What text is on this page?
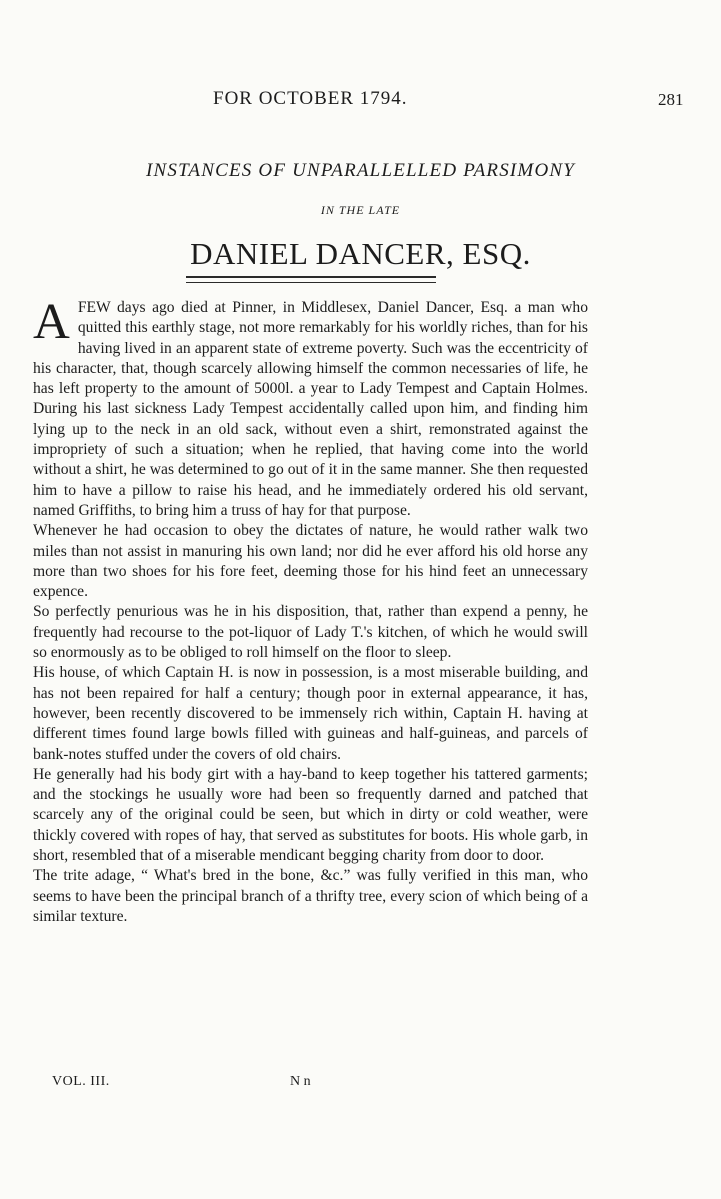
FOR OCTOBER 1794.	281
INSTANCES OF UNPARALLELLED PARSIMONY
IN THE LATE
DANIEL DANCER, ESQ.

AFEW days ago died at Pinner, in Middlesex, Daniel Dancer, Esq. a man who quitted this earthly stage, not more remarkably for his worldly riches, than for his having lived in an apparent state of extreme poverty. Such was the eccentricity of his character, that, though scarcely allowing himself the common necessaries of life, he has left property to the amount of 5000l. a year to Lady Tempest and Captain Holmes. During his last sickness Lady Tempest accidentally called upon him, and finding him lying up to the neck in an old sack, without even a shirt, remonstrated against the impropriety of such a situation; when he replied, that having come into the world without a shirt, he was determined to go out of it in the same manner. She then requested him to have a pillow to raise his head, and he immediately ordered his old servant, named Griffiths, to bring him a truss of hay for that purpose.

Whenever he had occasion to obey the dictates of nature, he would rather walk two miles than not assist in manuring his own land; nor did he ever afford his old horse any more than two shoes for his fore feet, deeming those for his hind feet an unnecessary expence.

So perfectly penurious was he in his disposition, that, rather than expend a penny, he frequently had recourse to the pot-liquor of Lady T.'s kitchen, of which he would swill so enormously as to be obliged to roll himself on the floor to sleep.

His house, of which Captain H. is now in possession, is a most miserable building, and has not been repaired for half a century; though poor in external appearance, it has, however, been recently discovered to be immensely rich within, Captain H. having at different times found large bowls filled with guineas and half-guineas, and parcels of bank-notes stuffed under the covers of old chairs.

He generally had his body girt with a hay-band to keep together his tattered garments; and the stockings he usually wore had been so frequently darned and patched that scarcely any of the original could be seen, but which in dirty or cold weather, were thickly covered with ropes of hay, that served as substitutes for boots. His whole garb, in short, resembled that of a miserable mendicant begging charity from door to door.

The trite adage, “ What's bred in the bone, &c.” was fully verified in this man, who seems to have been the principal branch of a thrifty tree, every scion of which being of a similar texture.

VOL. III.	N n
